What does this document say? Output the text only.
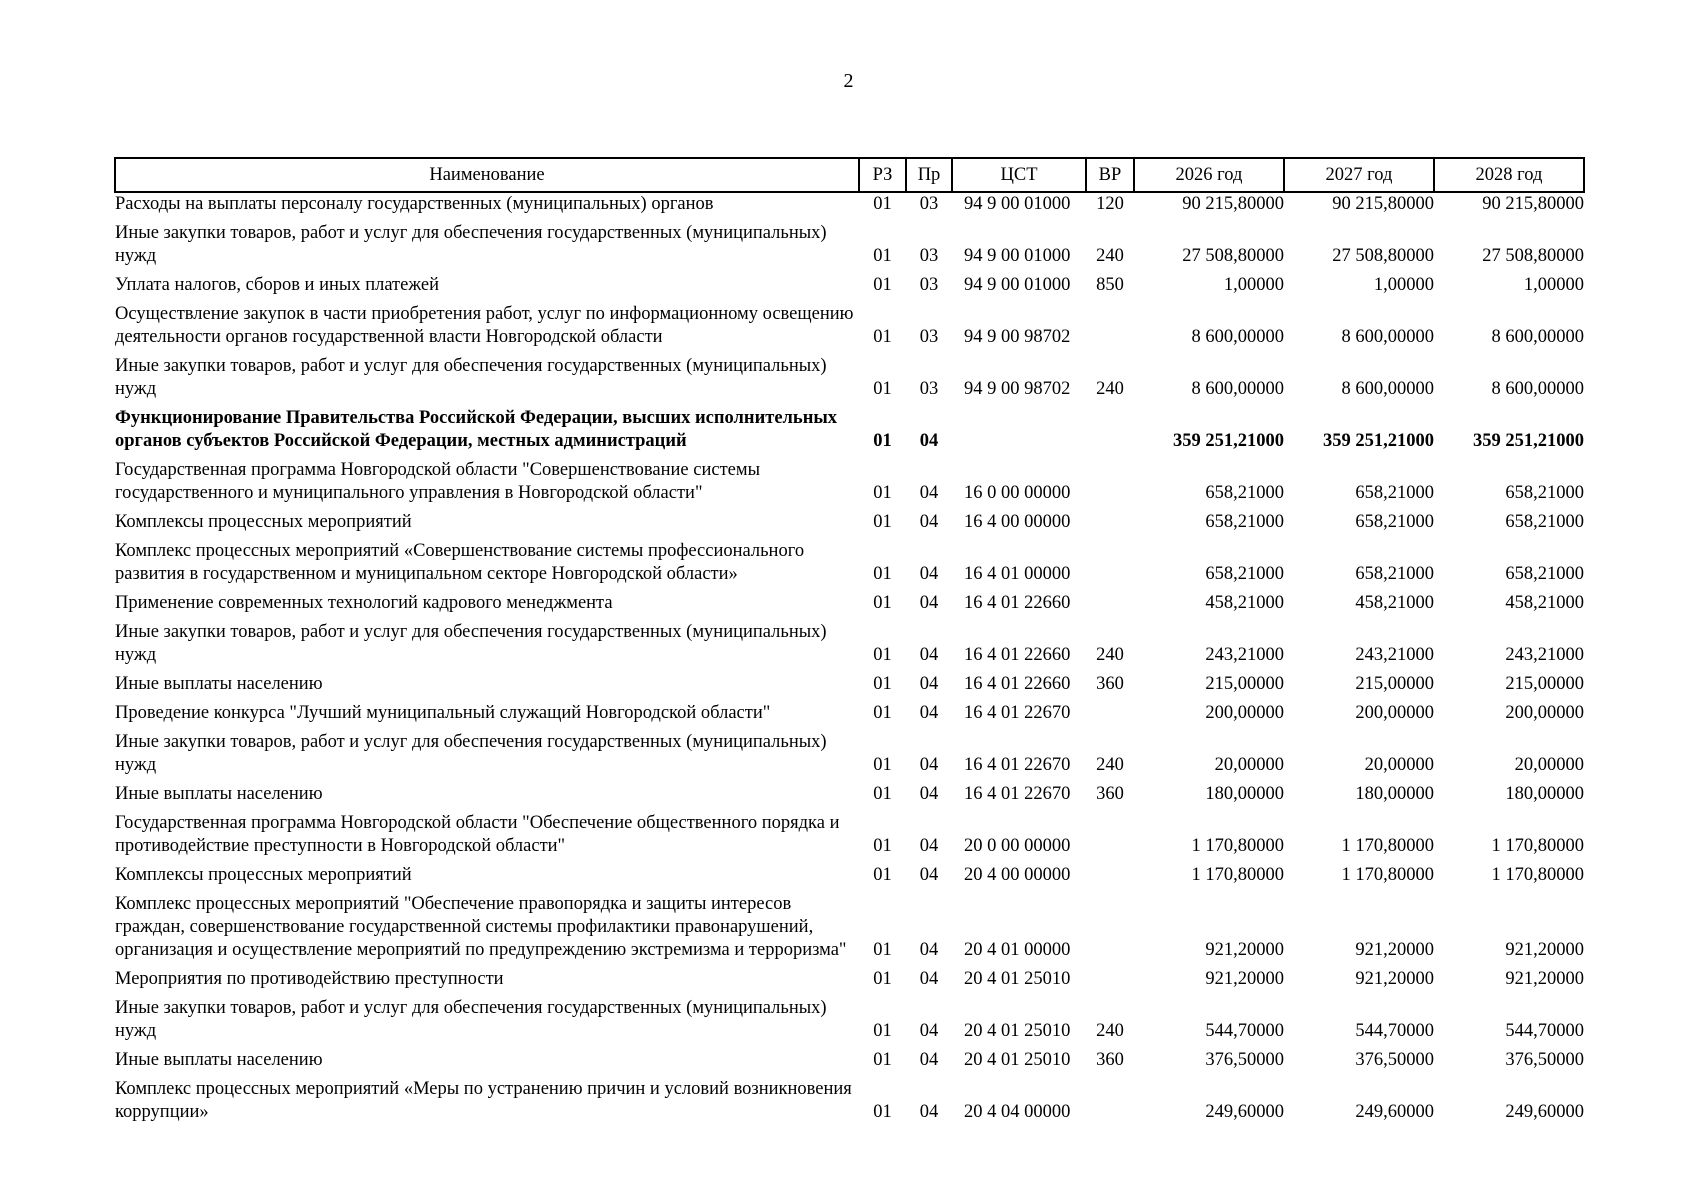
2
Наименование	РЗ	Пр	ЦСТ	ВР	2026 год	2027 год	2028 год
Расходы на выплаты персоналу государственных (муниципальных) органов	01	03	94 9 00 01000	120	90 215,80000	90 215,80000	90 215,80000
Иные закупки товаров, работ и услуг для обеспечения государственных (муниципальных) нужд	01	03	94 9 00 01000	240	27 508,80000	27 508,80000	27 508,80000
Уплата налогов, сборов и иных платежей	01	03	94 9 00 01000	850	1,00000	1,00000	1,00000
Осуществление закупок в части приобретения работ, услуг по информационному освещению деятельности органов государственной власти Новгородской области	01	03	94 9 00 98702		8 600,00000	8 600,00000	8 600,00000
Иные закупки товаров, работ и услуг для обеспечения государственных (муниципальных) нужд	01	03	94 9 00 98702	240	8 600,00000	8 600,00000	8 600,00000
Функционирование Правительства Российской Федерации, высших исполнительных органов субъектов Российской Федерации, местных администраций	01	04			359 251,21000	359 251,21000	359 251,21000
Государственная программа Новгородской области "Совершенствование системы государственного и муниципального управления в Новгородской области"	01	04	16 0 00 00000		658,21000	658,21000	658,21000
Комплексы процессных мероприятий	01	04	16 4 00 00000		658,21000	658,21000	658,21000
Комплекс процессных мероприятий «Совершенствование системы профессионального развития в государственном и муниципальном секторе Новгородской области»	01	04	16 4 01 00000		658,21000	658,21000	658,21000
Применение современных технологий кадрового менеджмента	01	04	16 4 01 22660		458,21000	458,21000	458,21000
Иные закупки товаров, работ и услуг для обеспечения государственных (муниципальных) нужд	01	04	16 4 01 22660	240	243,21000	243,21000	243,21000
Иные выплаты населению	01	04	16 4 01 22660	360	215,00000	215,00000	215,00000
Проведение конкурса "Лучший муниципальный служащий Новгородской области"	01	04	16 4 01 22670		200,00000	200,00000	200,00000
Иные закупки товаров, работ и услуг для обеспечения государственных (муниципальных) нужд	01	04	16 4 01 22670	240	20,00000	20,00000	20,00000
Иные выплаты населению	01	04	16 4 01 22670	360	180,00000	180,00000	180,00000
Государственная программа Новгородской области "Обеспечение общественного порядка и противодействие преступности в Новгородской области"	01	04	20 0 00 00000		1 170,80000	1 170,80000	1 170,80000
Комплексы процессных мероприятий	01	04	20 4 00 00000		1 170,80000	1 170,80000	1 170,80000
Комплекс процессных мероприятий "Обеспечение правопорядка и защиты интересов граждан, совершенствование государственной системы профилактики правонарушений, организация и осуществление мероприятий по предупреждению экстремизма и терроризма"	01	04	20 4 01 00000		921,20000	921,20000	921,20000
Мероприятия по противодействию преступности	01	04	20 4 01 25010		921,20000	921,20000	921,20000
Иные закупки товаров, работ и услуг для обеспечения государственных (муниципальных) нужд	01	04	20 4 01 25010	240	544,70000	544,70000	544,70000
Иные выплаты населению	01	04	20 4 01 25010	360	376,50000	376,50000	376,50000
Комплекс процессных мероприятий «Меры по устранению причин и условий возникновения коррупции»	01	04	20 4 04 00000		249,60000	249,60000	249,60000
